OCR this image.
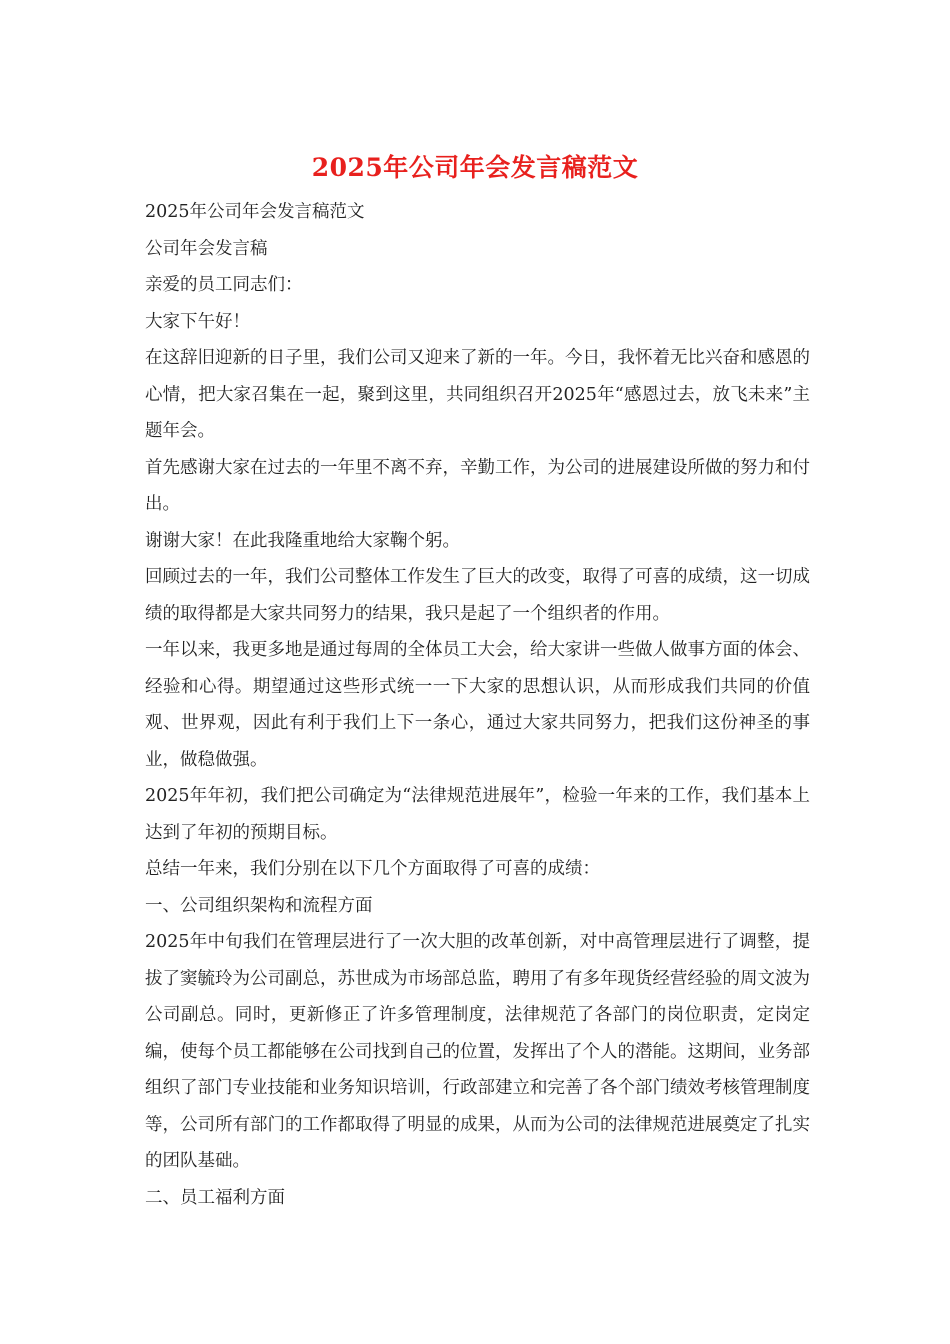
2025年公司年会发言稿范文

2025年公司年会发言稿范文

公司年会发言稿

亲爱的员工同志们：

大家下午好！

在这辞旧迎新的日子里，我们公司又迎来了新的一年。今日，我怀着无比兴奋和感恩的心情，把大家召集在一起，聚到这里，共同组织召开2025年“感恩过去，放飞未来”主题年会。

首先感谢大家在过去的一年里不离不弃，辛勤工作，为公司的进展建设所做的努力和付出。

谢谢大家！在此我隆重地给大家鞠个躬。

回顾过去的一年，我们公司整体工作发生了巨大的改变，取得了可喜的成绩，这一切成绩的取得都是大家共同努力的结果，我只是起了一个组织者的作用。

一年以来，我更多地是通过每周的全体员工大会，给大家讲一些做人做事方面的体会、经验和心得。期望通过这些形式统一一下大家的思想认识，从而形成我们共同的价值观、世界观，因此有利于我们上下一条心，通过大家共同努力，把我们这份神圣的事业，做稳做强。

2025年年初，我们把公司确定为“法律规范进展年”，检验一年来的工作，我们基本上达到了年初的预期目标。

总结一年来，我们分别在以下几个方面取得了可喜的成绩：

一、公司组织架构和流程方面

2025年中旬我们在管理层进行了一次大胆的改革创新，对中高管理层进行了调整，提拔了窦毓玲为公司副总，苏世成为市场部总监，聘用了有多年现货经营经验的周文波为公司副总。同时，更新修正了许多管理制度，法律规范了各部门的岗位职责，定岗定编，使每个员工都能够在公司找到自己的位置，发挥出了个人的潜能。这期间，业务部组织了部门专业技能和业务知识培训，行政部建立和完善了各个部门绩效考核管理制度等，公司所有部门的工作都取得了明显的成果，从而为公司的法律规范进展奠定了扎实的团队基础。

二、员工福利方面
